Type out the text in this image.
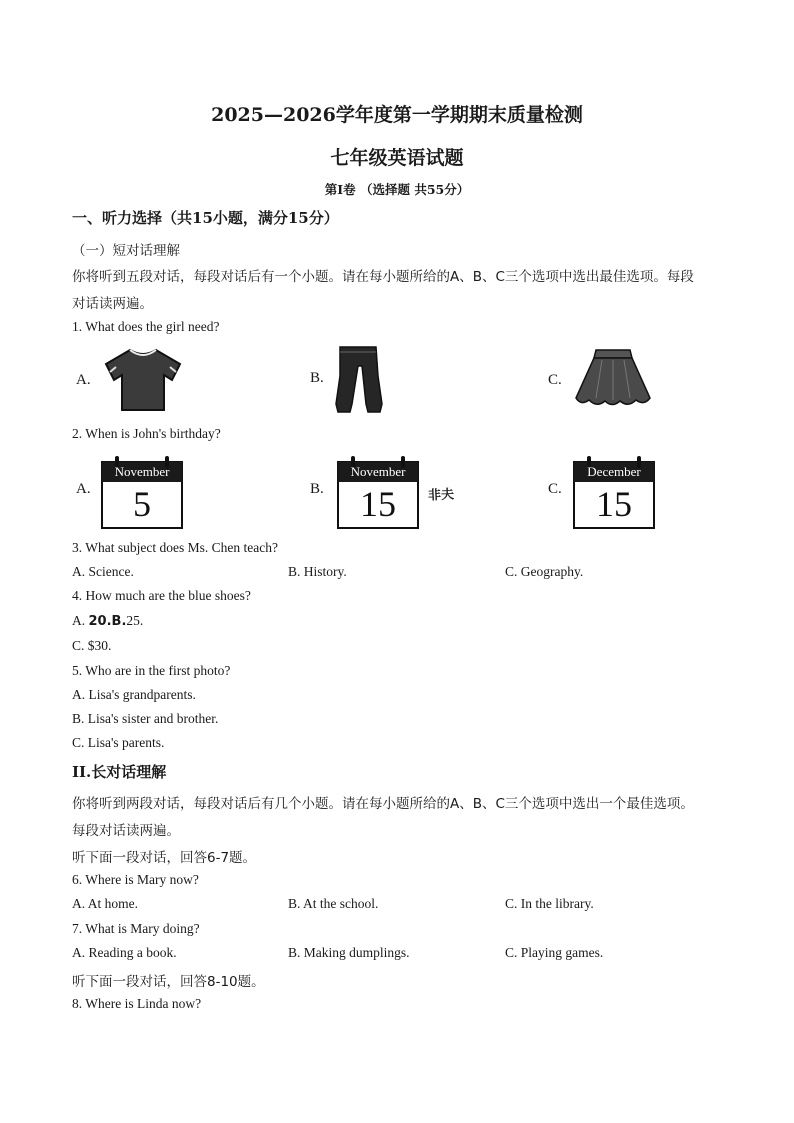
2025—2026学年度第一学期期末质量检测
七年级英语试题
第Ⅰ卷 （选择题 共55分）
一、听力选择（共15小题，满分15分）
（一）短对话理解
你将听到五段对话，每段对话后有一个小题。请在每小题所给的A、B、C三个选项中选出最佳选项。每段
对话读两遍。
1. What does the girl need?
A.	B.	C.
2. When is John's birthday?
A.
November
5	B.
November
15	非夫	C.
December
15
3. What subject does Ms. Chen teach?
A. Science.	B. History.	C. Geography.
4. How much are the blue shoes?
A. 20.B.25.
C. $30.
5. Who are in the first photo?
A. Lisa's grandparents.
B. Lisa's sister and brother.
C. Lisa's parents.
II.长对话理解
你将听到两段对话，每段对话后有几个小题。请在每小题所给的A、B、C三个选项中选出一个最佳选项。
每段对话读两遍。
听下面一段对话，回答6-7题。
6. Where is Mary now?
A. At home.	B. At the school.	C. In the library.
7. What is Mary doing?
A. Reading a book.	B. Making dumplings.	C. Playing games.
听下面一段对话，回答8-10题。
8. Where is Linda now?
